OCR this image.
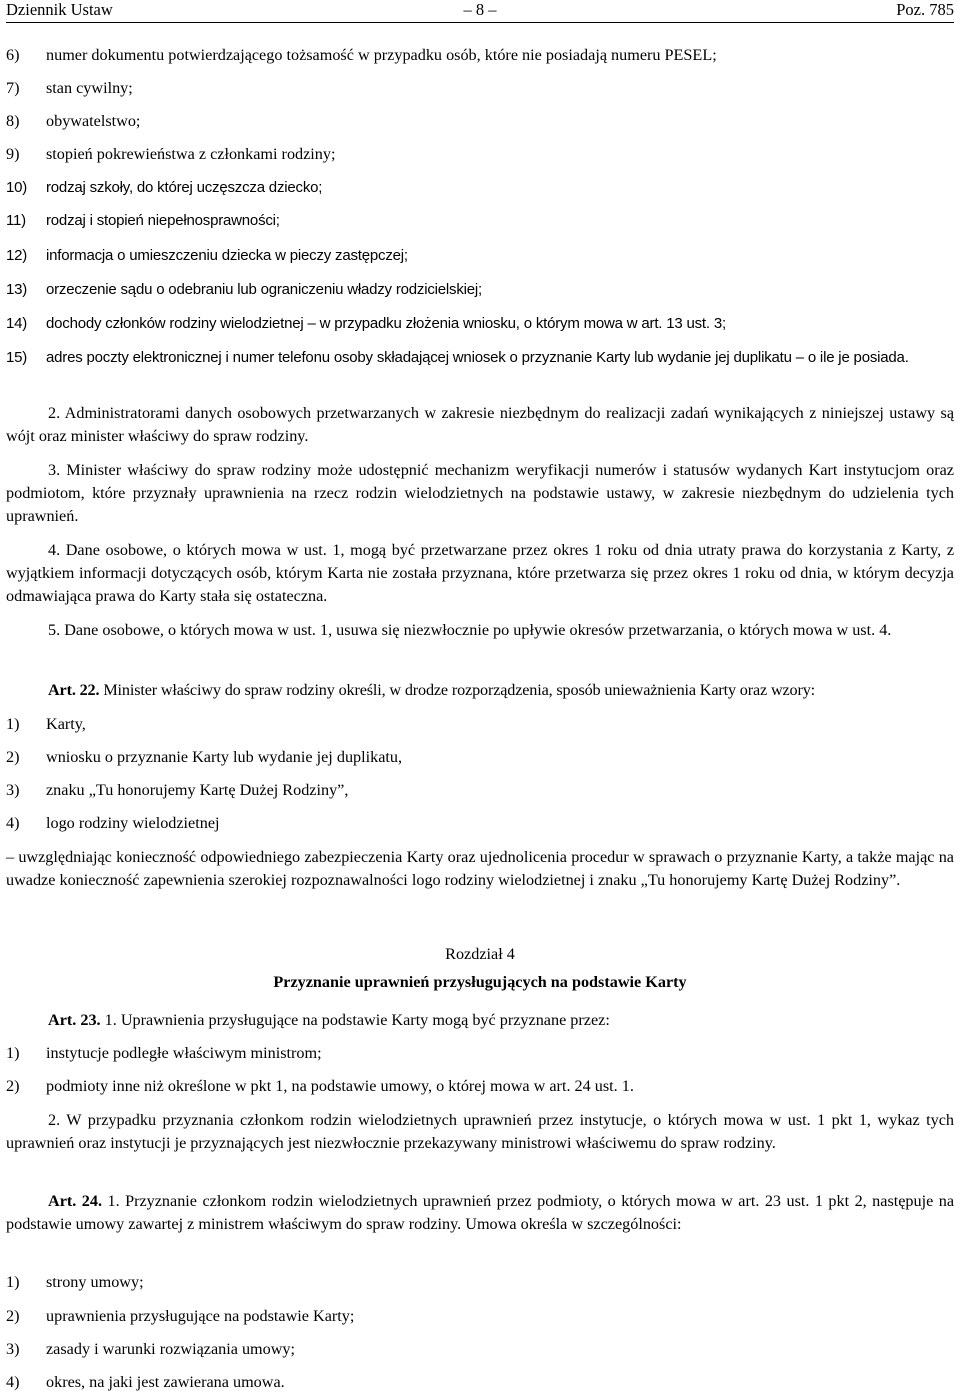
Dziennik Ustaw	– 8 –	Poz. 785
6) numer dokumentu potwierdzającego tożsamość w przypadku osób, które nie posiadają numeru PESEL;
7) stan cywilny;
8) obywatelstwo;
9) stopień pokrewieństwa z członkami rodziny;
10) rodzaj szkoły, do której uczęszcza dziecko;
11) rodzaj i stopień niepełnosprawności;
12) informacja o umieszczeniu dziecka w pieczy zastępczej;
13) orzeczenie sądu o odebraniu lub ograniczeniu władzy rodzicielskiej;
14) dochody członków rodziny wielodzietnej – w przypadku złożenia wniosku, o którym mowa w art. 13 ust. 3;
15) adres poczty elektronicznej i numer telefonu osoby składającej wniosek o przyznanie Karty lub wydanie jej duplikatu – o ile je posiada.
2. Administratorami danych osobowych przetwarzanych w zakresie niezbędnym do realizacji zadań wynikających z niniejszej ustawy są wójt oraz minister właściwy do spraw rodziny.
3. Minister właściwy do spraw rodziny może udostępnić mechanizm weryfikacji numerów i statusów wydanych Kart instytucjom oraz podmiotom, które przyznały uprawnienia na rzecz rodzin wielodzietnych na podstawie ustawy, w zakresie niezbędnym do udzielenia tych uprawnień.
4. Dane osobowe, o których mowa w ust. 1, mogą być przetwarzane przez okres 1 roku od dnia utraty prawa do korzystania z Karty, z wyjątkiem informacji dotyczących osób, którym Karta nie została przyznana, które przetwarza się przez okres 1 roku od dnia, w którym decyzja odmawiająca prawa do Karty stała się ostateczna.
5. Dane osobowe, o których mowa w ust. 1, usuwa się niezwłocznie po upływie okresów przetwarzania, o których mowa w ust. 4.
Art. 22. Minister właściwy do spraw rodziny określi, w drodze rozporządzenia, sposób unieważnienia Karty oraz wzory:
1) Karty,
2) wniosku o przyznanie Karty lub wydanie jej duplikatu,
3) znaku „Tu honorujemy Kartę Dużej Rodziny”,
4) logo rodziny wielodzietnej
– uwzględniając konieczność odpowiedniego zabezpieczenia Karty oraz ujednolicenia procedur w sprawach o przyznanie Karty, a także mając na uwadze konieczność zapewnienia szerokiej rozpoznawalności logo rodziny wielodzietnej i znaku „Tu honorujemy Kartę Dużej Rodziny”.
Rozdział 4
Przyznanie uprawnień przysługujących na podstawie Karty
Art. 23. 1. Uprawnienia przysługujące na podstawie Karty mogą być przyznane przez:
1) instytucje podległe właściwym ministrom;
2) podmioty inne niż określone w pkt 1, na podstawie umowy, o której mowa w art. 24 ust. 1.
2. W przypadku przyznania członkom rodzin wielodzietnych uprawnień przez instytucje, o których mowa w ust. 1 pkt 1, wykaz tych uprawnień oraz instytucji je przyznających jest niezwłocznie przekazywany ministrowi właściwemu do spraw rodziny.
Art. 24. 1. Przyznanie członkom rodzin wielodzietnych uprawnień przez podmioty, o których mowa w art. 23 ust. 1 pkt 2, następuje na podstawie umowy zawartej z ministrem właściwym do spraw rodziny. Umowa określa w szczególności:
1) strony umowy;
2) uprawnienia przysługujące na podstawie Karty;
3) zasady i warunki rozwiązania umowy;
4) okres, na jaki jest zawierana umowa.
